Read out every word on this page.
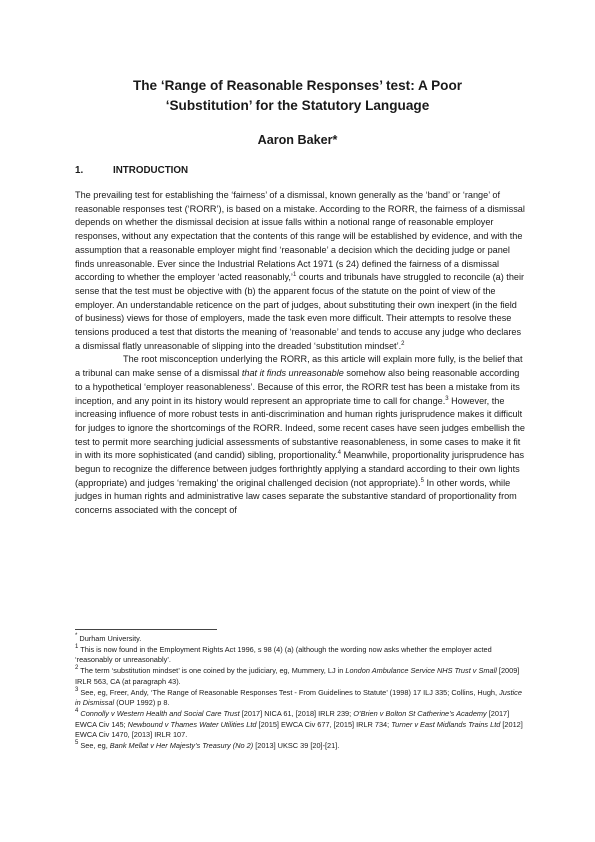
The ‘Range of Reasonable Responses’ test: A Poor
‘Substitution’ for the Statutory Language

Aaron Baker*

1.	INTRODUCTION

The prevailing test for establishing the ‘fairness’ of a dismissal, known generally as the ‘band’ or ‘range’ of reasonable responses test (‘RORR’), is based on a mistake. According to the RORR, the fairness of a dismissal depends on whether the dismissal decision at issue falls within a notional range of reasonable employer responses, without any expectation that the contents of this range will be established by evidence, and with the assumption that a reasonable employer might find ‘reasonable’ a decision which the deciding judge or panel finds unreasonable. Ever since the Industrial Relations Act 1971 (s 24) defined the fairness of a dismissal according to whether the employer ‘acted reasonably,’$^1$ courts and tribunals have struggled to reconcile (a) their sense that the test must be objective with (b) the apparent focus of the statute on the point of view of the employer. An understandable reticence on the part of judges, about substituting their own inexpert (in the field of business) views for those of employers, made the task even more difficult. Their attempts to resolve these tensions produced a test that distorts the meaning of ‘reasonable’ and tends to accuse any judge who declares a dismissal flatly unreasonable of slipping into the dreaded ‘substitution mindset’.$^2$

The root misconception underlying the RORR, as this article will explain more fully, is the belief that a tribunal can make sense of a dismissal that it finds unreasonable somehow also being reasonable according to a hypothetical ‘employer reasonableness’. Because of this error, the RORR test has been a mistake from its inception, and any point in its history would represent an appropriate time to call for change.$^3$ However, the increasing influence of more robust tests in anti-discrimination and human rights jurisprudence makes it difficult for judges to ignore the shortcomings of the RORR. Indeed, some recent cases have seen judges embellish the test to permit more searching judicial assessments of substantive reasonableness, in some cases to make it fit in with its more sophisticated (and candid) sibling, proportionality.$^4$ Meanwhile, proportionality jurisprudence has begun to recognize the difference between judges forthrightly applying a standard according to their own lights (appropriate) and judges ‘remaking’ the original challenged decision (not appropriate).$^5$ In other words, while judges in human rights and administrative law cases separate the substantive standard of proportionality from concerns associated with the concept of

* Durham University.

$^1$ This is now found in the Employment Rights Act 1996, s 98 (4) (a) (although the wording now asks whether the employer acted ‘reasonably or unreasonably’.

$^2$ The term ‘substitution mindset’ is one coined by the judiciary, eg, Mummery, LJ in London Ambulance Service NHS Trust v Small [2009] IRLR 563, CA (at paragraph 43).

$^3$ See, eg, Freer, Andy, ‘The Range of Reasonable Responses Test - From Guidelines to Statute’ (1998) 17 ILJ 335; Collins, Hugh, Justice in Dismissal (OUP 1992) p 8.

$^4$ Connolly v Western Health and Social Care Trust [2017] NICA 61, [2018] IRLR 239; O’Brien v Bolton St Catherine’s Academy [2017] EWCA Civ 145; Newbound v Thames Water Utilities Ltd [2015] EWCA Civ 677, [2015] IRLR 734; Turner v East Midlands Trains Ltd [2012] EWCA Civ 1470, [2013] IRLR 107.

$^5$ See, eg, Bank Mellat v Her Majesty’s Treasury (No 2) [2013] UKSC 39 [20]-[21].
